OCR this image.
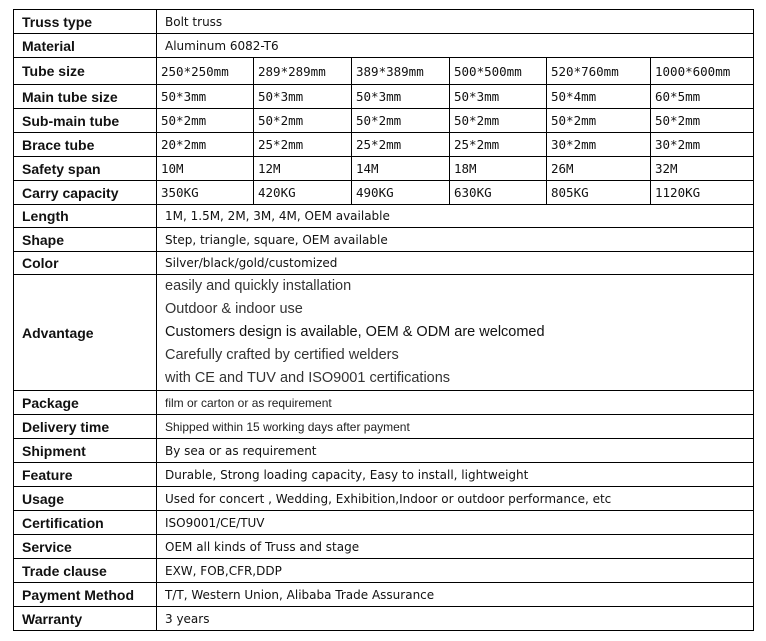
Truss type	Bolt truss					
Material	Aluminum 6082-T6					
Tube size	250*250mm	289*289mm	389*389mm	500*500mm	520*760mm	1000*600mm
Main tube size	50*3mm	50*3mm	50*3mm	50*3mm	50*4mm	60*5mm
Sub-main tube	50*2mm	50*2mm	50*2mm	50*2mm	50*2mm	50*2mm
Brace tube	20*2mm	25*2mm	25*2mm	25*2mm	30*2mm	30*2mm
Safety span	10M	12M	14M	18M	26M	32M
Carry capacity	350KG	420KG	490KG	630KG	805KG	1120KG
Length	1M, 1.5M, 2M, 3M, 4M, OEM available					
Shape	Step, triangle, square, OEM available					
Color	Silver/black/gold/customized					
Advantage	easily and quickly installation
Outdoor & indoor use
Customers design is available, OEM & ODM are welcomed
Carefully crafted by certified welders
with CE and TUV and ISO9001 certifications					

Package	film or carton or as requirement					
Delivery time	Shipped within 15 working days after payment					
Shipment	By sea or as requirement					
Feature	Durable, Strong loading capacity, Easy to install, lightweight					
Usage	Used for concert , Wedding, Exhibition,Indoor or outdoor performance, etc					
Certification	ISO9001/CE/TUV					
Service	OEM all kinds of Truss and stage					
Trade clause	EXW, FOB,CFR,DDP					
Payment Method	T/T, Western Union, Alibaba Trade Assurance					
Warranty	3 years					
